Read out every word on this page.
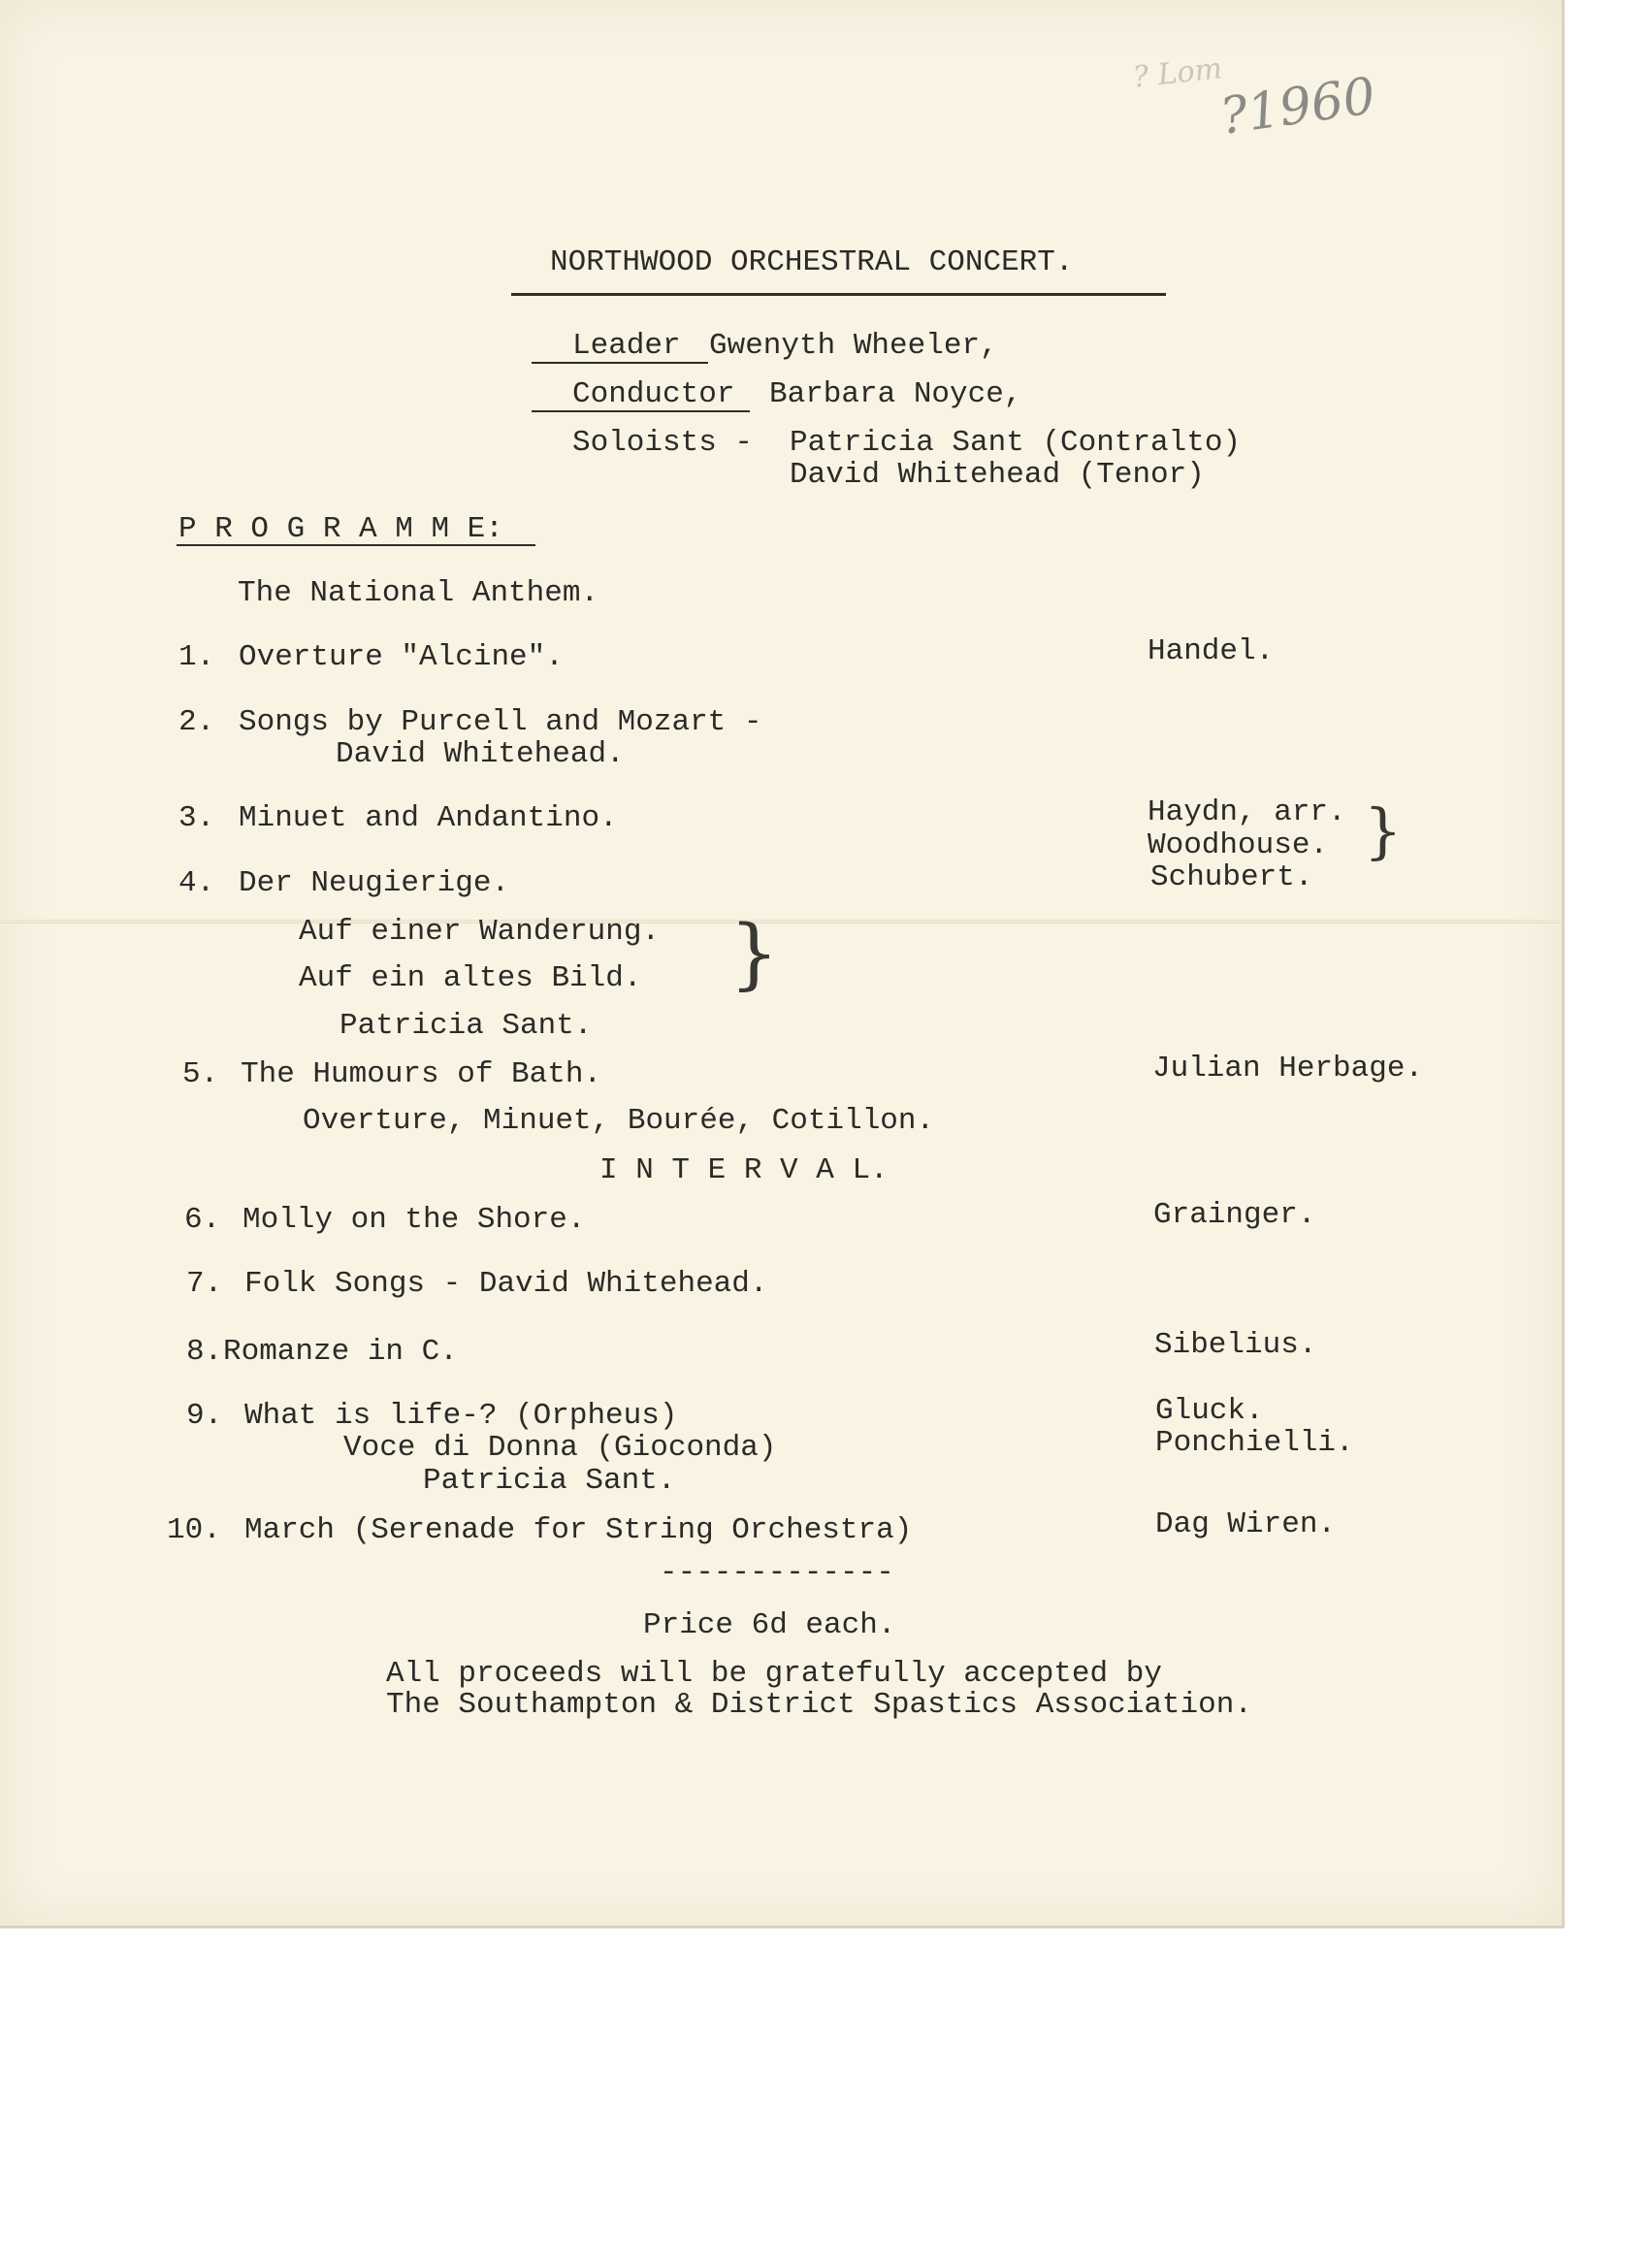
? Lom
?1960
NORTHWOOD ORCHESTRAL CONCERT.
Leader Gwenyth Wheeler,
Conductor Barbara Noyce,
Soloists - Patricia Sant (Contralto)
David Whitehead (Tenor)
P R O G R A M M E:
The National Anthem.
1. Overture "Alcine".	Handel.
2. Songs by Purcell and Mozart -
David Whitehead.
3. Minuet and Andantino.	Haydn, arr.
Woodhouse. }
4. Der Neugierige.	Schubert.
Auf einer Wanderung.
Auf ein altes Bild. }
Patricia Sant.
5. The Humours of Bath.	Julian Herbage.
Overture, Minuet, Bourée, Cotillon.
I N T E R V A L.
6. Molly on the Shore.	Grainger.
7. Folk Songs - David Whitehead.
8. Romanze in C.	Sibelius.
9. What is life-? (Orpheus)	Gluck.
Voce di Donna (Gioconda)	Ponchielli.
Patricia Sant.
10. March (Serenade for String Orchestra)	Dag Wiren.
-------------
Price 6d each.
All proceeds will be gratefully accepted by
The Southampton & District Spastics Association.
